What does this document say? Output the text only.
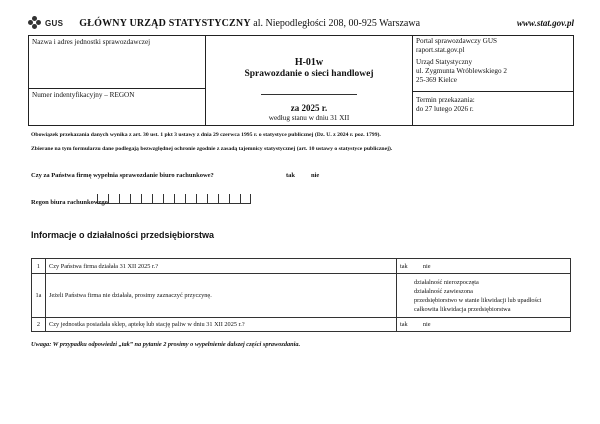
GUS GŁÓWNY URZĄD STATYSTYCZNY al. Niepodległości 208, 00-925 Warszawa	www.stat.gov.pl
Nazwa i adres jednostki sprawozdawczej
Numer indentyfikacyjny – REGON
H-01w
Sprawozdanie o sieci handlowej
za 2025 r.
według stanu w dniu 31 XII
Portal sprawozdawczy GUS
raport.stat.gov.pl
Urząd Statystyczny
ul. Zygmunta Wróblewskiego 2
25-369 Kielce
Termin przekazania:
do 27 lutego 2026 r.
Obowiązek przekazania danych wynika z art. 30 ust. 1 pkt 3 ustawy z dnia 29 czerwca 1995 r. o statystyce publicznej (Dz. U. z 2024 r. poz. 1799).
Zbierane na tym formularzu dane podlegają bezwzględnej ochronie zgodnie z zasadą tajemnicy statystycznej (art. 10 ustawy o statystyce publicznej).
Czy za Państwa firmę wypełnia sprawozdanie biuro rachunkowe?	tak nie
Regon biura rachunkowego
Informacje o działalności przedsiębiorstwa
1	Czy Państwa firma działała 31 XII 2025 r.?	tak nie
1a	Jeżeli Państwa firma nie działała, prosimy zaznaczyć przyczynę.	działalność nierozpoczęta
działalność zawieszona
przedsiębiorstwo w stanie likwidacji lub upadłości
całkowita likwidacja przedsiębiorstwa

2	Czy jednostka posiadała sklep, aptekę lub stację paliw w dniu 31 XII 2025 r.?	tak nie
Uwaga: W przypadku odpowiedzi „tak” na pytanie 2 prosimy o wypełnienie dalszej części sprawozdania.
